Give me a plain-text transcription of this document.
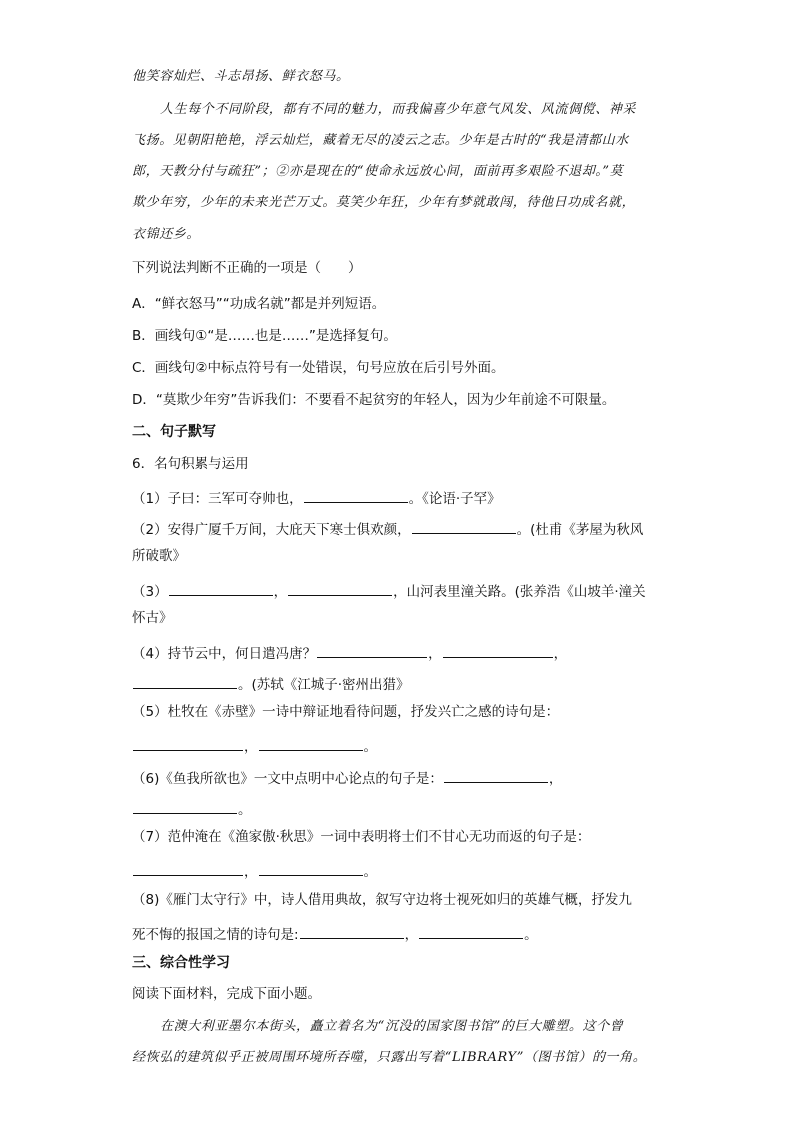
他笑容灿烂、斗志昂扬、鲜衣怒马。
人生每个不同阶段，都有不同的魅力，而我偏喜少年意气风发、风流倜傥、神采
飞扬。见朝阳艳艳，浮云灿烂，藏着无尽的凌云之志。少年是古时的“我是清都山水
郎，天教分付与疏狂”；②亦是现在的“使命永远放心间，面前再多艰险不退却。”莫
欺少年穷，少年的未来光芒万丈。莫笑少年狂，少年有梦就敢闯，待他日功成名就，
衣锦还乡。
下列说法判断不正确的一项是（　　）
A．“鲜衣怒马”“功成名就”都是并列短语。
B．画线句①“是……也是……”是选择复句。
C．画线句②中标点符号有一处错误，句号应放在后引号外面。
D．“莫欺少年穷”告诉我们：不要看不起贫穷的年轻人，因为少年前途不可限量。
二、句子默写
6．名句积累与运用
（1）子曰：三军可夺帅也，	。《论语·子罕》
（2）安得广厦千万间，大庇天下寒士俱欢颜，	。(杜甫《茅屋为秋风
所破歌》
（3）	，	，山河表里潼关路。(张养浩《山坡羊·潼关
怀古》
（4）持节云中，何日遣冯唐？	，	，
。(苏轼《江城子·密州出猎》
（5）杜牧在《赤壁》一诗中辩证地看待问题，抒发兴亡之感的诗句是：
，	。
（6)《鱼我所欲也》一文中点明中心论点的句子是：	，
。
（7）范仲淹在《渔家傲·秋思》一词中表明将士们不甘心无功而返的句子是：
，	。
（8)《雁门太守行》中，诗人借用典故，叙写守边将士视死如归的英雄气概，抒发九
死不悔的报国之情的诗句是:	，	。
三、综合性学习
阅读下面材料，完成下面小题。
在澳大利亚墨尔本街头，矗立着名为“沉没的国家图书馆”的巨大雕塑。这个曾
经恢弘的建筑似乎正被周围环境所吞噬，只露出写着“LIBRARY”（图书馆）的一角。
